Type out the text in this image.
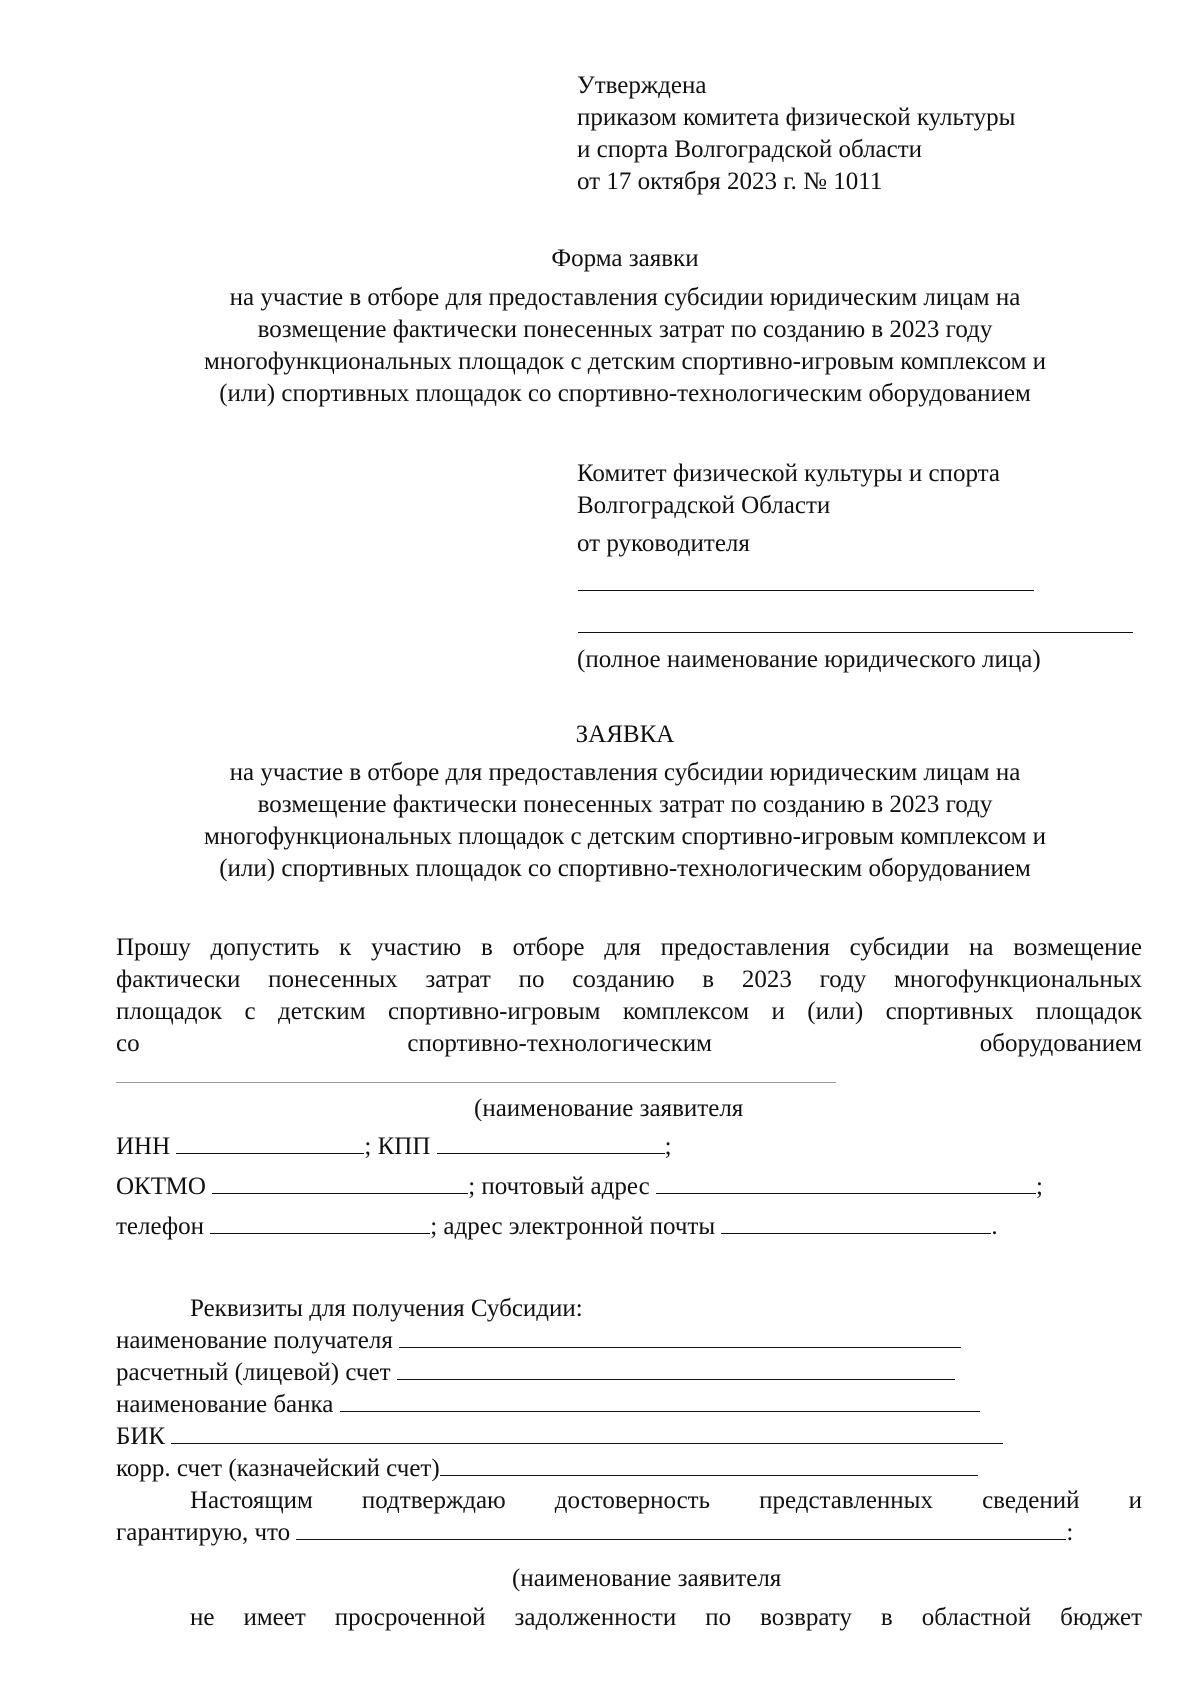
Утверждена
приказом комитета физической культуры
и спорта Волгоградской области
от 17 октября 2023 г. № 1011
Форма заявки
на участие в отборе для предоставления субсидии юридическим лицам на
возмещение фактически понесенных затрат по созданию в 2023 году
многофункциональных площадок с детским спортивно-игровым комплексом и
(или) спортивных площадок со спортивно-технологическим оборудованием
Комитет физической культуры и спорта
Волгоградской Области
от руководителя
(полное наименование юридического лица)
ЗАЯВКА
на участие в отборе для предоставления субсидии юридическим лицам на
возмещение фактически понесенных затрат по созданию в 2023 году
многофункциональных площадок с детским спортивно-игровым комплексом и
(или) спортивных площадок со спортивно-технологическим оборудованием
Прошу допустить к участию в отборе для предоставления субсидии на возмещение
фактически понесенных затрат по созданию в 2023 году многофункциональных
площадок с детским спортивно-игровым комплексом и (или) спортивных площадок
со	спортивно-технологическим	оборудованием
(наименование заявителя
ИНН	; КПП	;
ОКТМО	; почтовый адрес	;
телефон	; адрес электронной почты	.
Реквизиты для получения Субсидии:
наименование получателя
расчетный (лицевой) счет
наименование банка
БИК
корр. счет (казначейский счет)
Настоящим подтверждаю достоверность представленных сведений и
гарантирую, что	:
(наименование заявителя
не имеет просроченной задолженности по возврату в областной бюджет
